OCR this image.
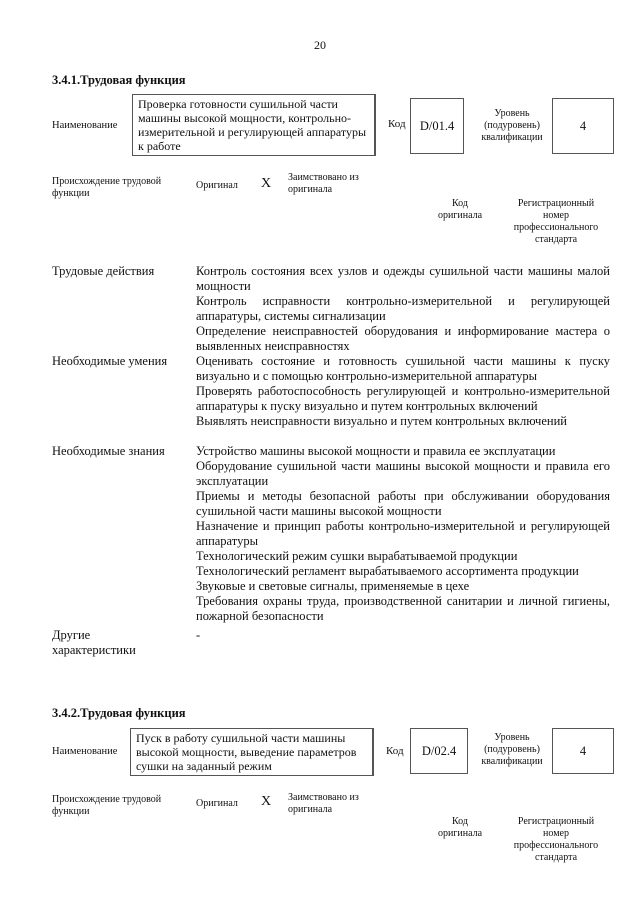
20
3.4.1.Трудовая функция
Наименование
Проверка готовности сушильной части машины высокой мощности, контрольно-измерительной и регулирующей аппаратуры к работе
Код	D/01.4
Уровень (подуровень) квалификации
4
Происхождение трудовой функции
Оригинал X Заимствовано из оригинала
Код оригинала
Регистрационный номер профессионального стандарта
Трудовые действия	Контроль состояния всех узлов и одежды сушильной части машины малой мощности

Контроль исправности контрольно-измерительной и регулирующей аппаратуры, системы сигнализации

Определение неисправностей оборудования и информирование мастера о выявленных неисправностях

Необходимые умения	Оценивать состояние и готовность сушильной части машины к пуску визуально и с помощью контрольно-измерительной аппаратуры

Проверять работоспособность регулирующей и контрольно-измерительной аппаратуры к пуску визуально и путем контрольных включений

Выявлять неисправности визуально и путем контрольных включений

Необходимые знания	Устройство машины высокой мощности и правила ее эксплуатации

Оборудование сушильной части машины высокой мощности и правила его эксплуатации

Приемы и методы безопасной работы при обслуживании оборудования сушильной части машины высокой мощности

Назначение и принцип работы контрольно-измерительной и регулирующей аппаратуры

Технологический режим сушки вырабатываемой продукции

Технологический регламент вырабатываемого ассортимента продукции

Звуковые и световые сигналы, применяемые в цехе

Требования охраны труда, производственной санитарии и личной гигиены, пожарной безопасности

Другие характеристики
-
3.4.2.Трудовая функция
Наименование
Пуск в работу сушильной части машины высокой мощности, выведение параметров сушки на заданный режим
Код	D/02.4
Уровень (подуровень) квалификации
4
Происхождение трудовой функции
Оригинал X Заимствовано из оригинала
Код оригинала
Регистрационный номер профессионального стандарта
